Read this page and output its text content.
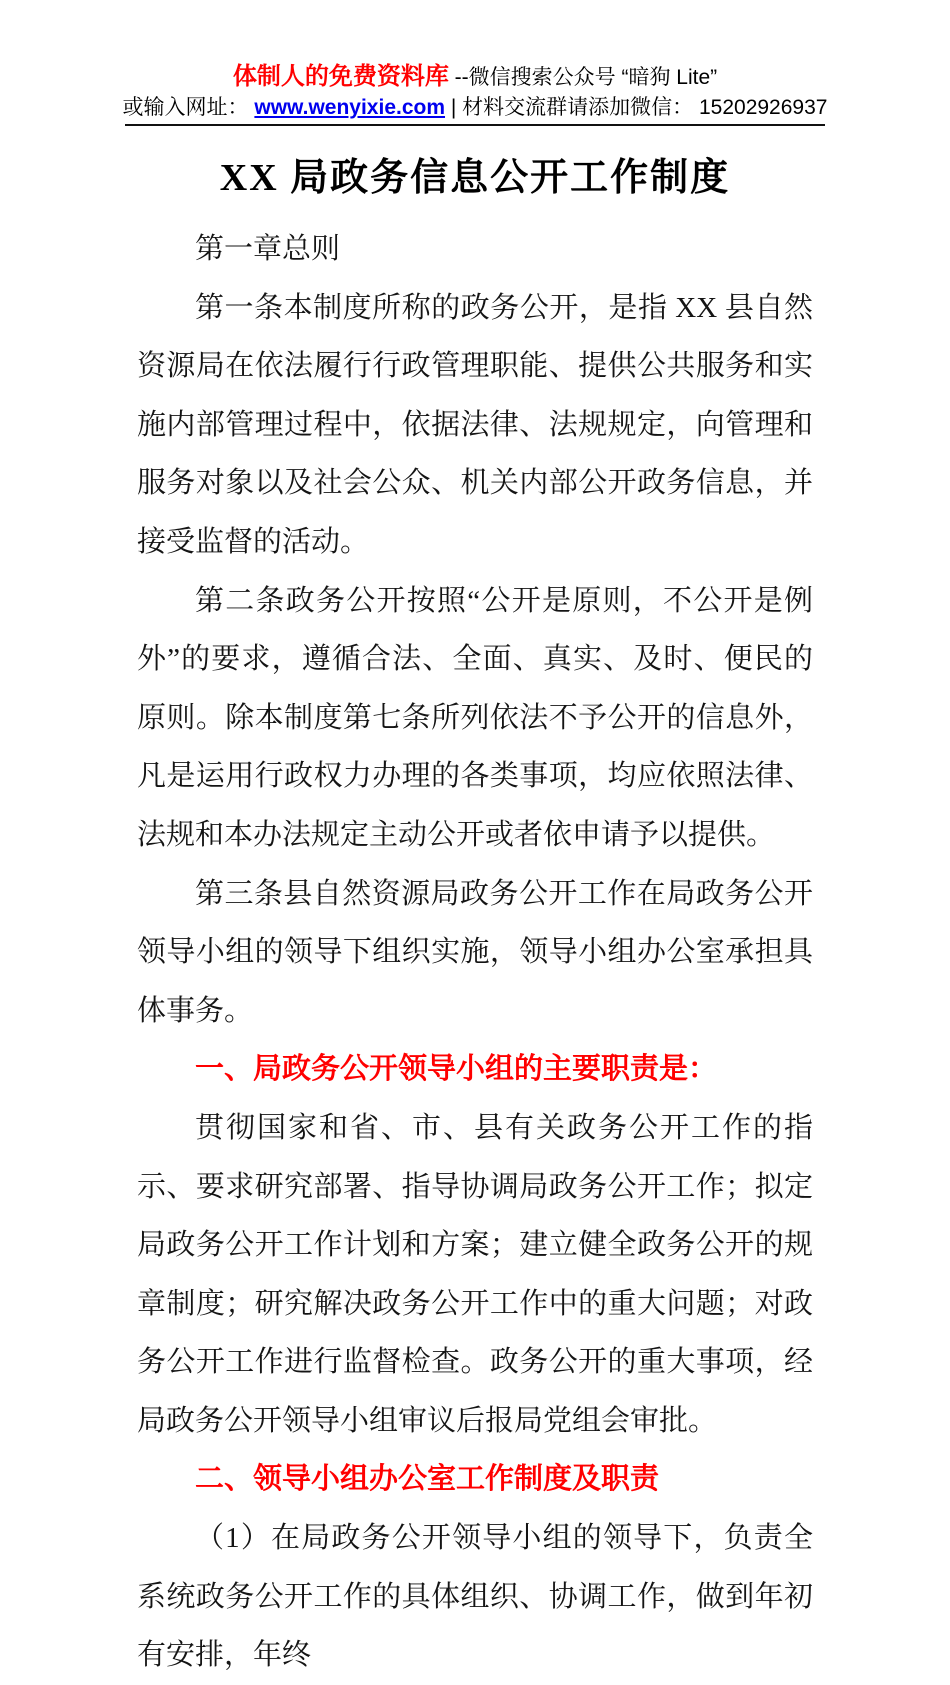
体制人的免费资料库 --微信搜索公众号 “暗狗 Lite”
或输入网址： www.wenyixie.com | 材料交流群请添加微信： 15202926937
XX 局政务信息公开工作制度

第一章总则

第一条本制度所称的政务公开，是指 XX 县自然资源局在依法履行行政管理职能、提供公共服务和实施内部管理过程中，依据法律、法规规定，向管理和服务对象以及社会公众、机关内部公开政务信息，并接受监督的活动。

第二条政务公开按照“公开是原则，不公开是例外”的要求，遵循合法、全面、真实、及时、便民的原则。除本制度第七条所列依法不予公开的信息外，凡是运用行政权力办理的各类事项，均应依照法律、法规和本办法规定主动公开或者依申请予以提供。

第三条县自然资源局政务公开工作在局政务公开领导小组的领导下组织实施，领导小组办公室承担具体事务。

一、局政务公开领导小组的主要职责是：

贯彻国家和省、市、县有关政务公开工作的指示、要求研究部署、指导协调局政务公开工作；拟定局政务公开工作计划和方案；建立健全政务公开的规章制度；研究解决政务公开工作中的重大问题；对政务公开工作进行监督检查。政务公开的重大事项，经局政务公开领导小组审议后报局党组会审批。

二、领导小组办公室工作制度及职责

（1）在局政务公开领导小组的领导下，负责全系统政务公开工作的具体组织、协调工作，做到年初有安排，年终
